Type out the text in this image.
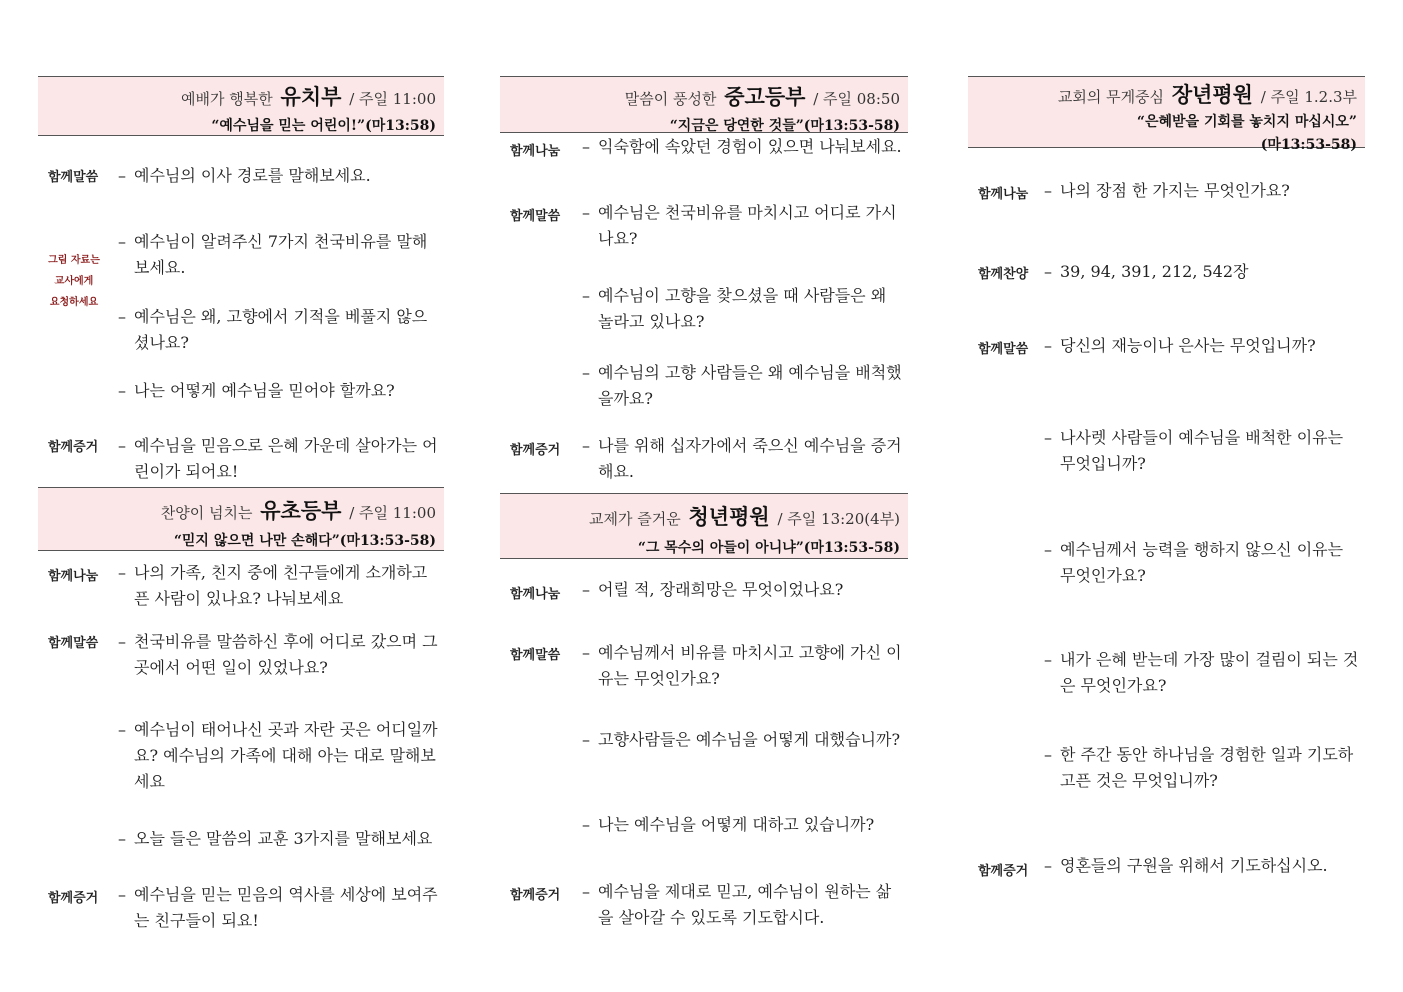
예배가 행복한 유치부 / 주일 11:00
“예수님을 믿는 어린이!”(마13:58)
함께말씀 – 예수님의 이사 경로를 말해보세요.
그림 자료는
교사에게
요청하세요
– 예수님이 알려주신 7가지 천국비유를 말해보세요.
– 예수님은 왜, 고향에서 기적을 베풀지 않으셨나요?
– 나는 어떻게 예수님을 믿어야 할까요?
함께증거 – 예수님을 믿음으로 은혜 가운데 살아가는 어린이가 되어요!
찬양이 넘치는 유초등부 / 주일 11:00
“믿지 않으면 나만 손해다”(마13:53-58)
함께나눔 – 나의 가족, 친지 중에 친구들에게 소개하고픈 사람이 있나요? 나눠보세요
함께말씀 – 천국비유를 말씀하신 후에 어디로 갔으며 그곳에서 어떤 일이 있었나요?
– 예수님이 태어나신 곳과 자란 곳은 어디일까요? 예수님의 가족에 대해 아는 대로 말해보세요
– 오늘 들은 말씀의 교훈 3가지를 말해보세요
함께증거 – 예수님을 믿는 믿음의 역사를 세상에 보여주는 친구들이 되요!
말씀이 풍성한 중고등부 / 주일 08:50
“지금은 당연한 것들”(마13:53-58)
함께나눔 – 익숙함에 속았던 경험이 있으면 나눠보세요.
함께말씀 – 예수님은 천국비유를 마치시고 어디로 가시나요?
– 예수님이 고향을 찾으셨을 때 사람들은 왜 놀라고 있나요?
– 예수님의 고향 사람들은 왜 예수님을 배척했을까요?
함께증거 – 나를 위해 십자가에서 죽으신 예수님을 증거해요.
교제가 즐거운 청년평원 / 주일 13:20(4부)
“그 목수의 아들이 아니냐”(마13:53-58)
함께나눔 – 어릴 적, 장래희망은 무엇이었나요?
함께말씀 – 예수님께서 비유를 마치시고 고향에 가신 이유는 무엇인가요?
– 고향사람들은 예수님을 어떻게 대했습니까?
– 나는 예수님을 어떻게 대하고 있습니까?
함께증거 – 예수님을 제대로 믿고, 예수님이 원하는 삶을 살아갈 수 있도록 기도합시다.
교회의 무게중심 장년평원 / 주일 1.2.3부
“은혜받을 기회를 놓치지 마십시오”
(마13:53-58)
함께나눔 – 나의 장점 한 가지는 무엇인가요?
함께찬양 – 39, 94, 391, 212, 542장
함께말씀 – 당신의 재능이나 은사는 무엇입니까?
– 나사렛 사람들이 예수님을 배척한 이유는 무엇입니까?
– 예수님께서 능력을 행하지 않으신 이유는 무엇인가요?
– 내가 은혜 받는데 가장 많이 걸림이 되는 것은 무엇인가요?
– 한 주간 동안 하나님을 경험한 일과 기도하고픈 것은 무엇입니까?
함께증거 – 영혼들의 구원을 위해서 기도하십시오.
